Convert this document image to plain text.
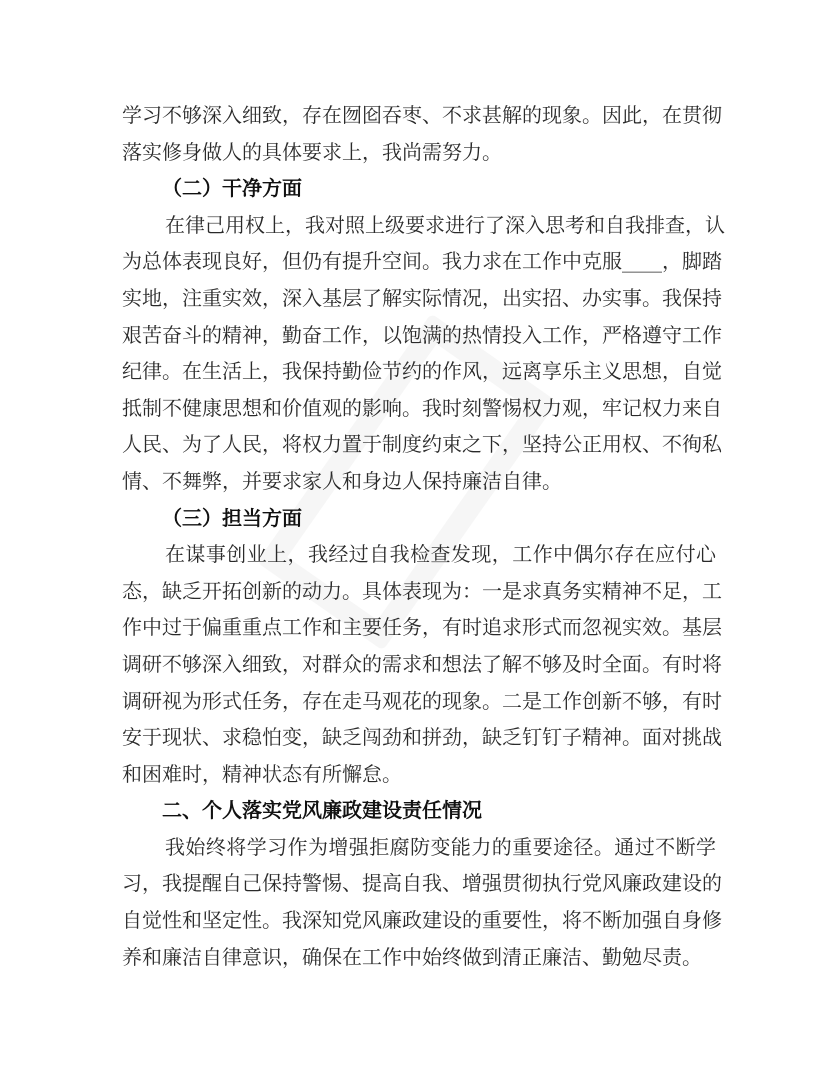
学习不够深入细致，存在囫囵吞枣、不求甚解的现象。因此，在贯彻
落实修身做人的具体要求上，我尚需努力。
（二）干净方面
在律己用权上，我对照上级要求进行了深入思考和自我排查，认
为总体表现良好，但仍有提升空间。我力求在工作中克服____，脚踏
实地，注重实效，深入基层了解实际情况，出实招、办实事。我保持
艰苦奋斗的精神，勤奋工作，以饱满的热情投入工作，严格遵守工作
纪律。在生活上，我保持勤俭节约的作风，远离享乐主义思想，自觉
抵制不健康思想和价值观的影响。我时刻警惕权力观，牢记权力来自
人民、为了人民，将权力置于制度约束之下，坚持公正用权、不徇私
情、不舞弊，并要求家人和身边人保持廉洁自律。
（三）担当方面
在谋事创业上，我经过自我检查发现，工作中偶尔存在应付心
态，缺乏开拓创新的动力。具体表现为：一是求真务实精神不足，工
作中过于偏重重点工作和主要任务，有时追求形式而忽视实效。基层
调研不够深入细致，对群众的需求和想法了解不够及时全面。有时将
调研视为形式任务，存在走马观花的现象。二是工作创新不够，有时
安于现状、求稳怕变，缺乏闯劲和拼劲，缺乏钉钉子精神。面对挑战
和困难时，精神状态有所懈怠。
二、个人落实党风廉政建设责任情况
我始终将学习作为增强拒腐防变能力的重要途径。通过不断学
习，我提醒自己保持警惕、提高自我、增强贯彻执行党风廉政建设的
自觉性和坚定性。我深知党风廉政建设的重要性，将不断加强自身修
养和廉洁自律意识，确保在工作中始终做到清正廉洁、勤勉尽责。
